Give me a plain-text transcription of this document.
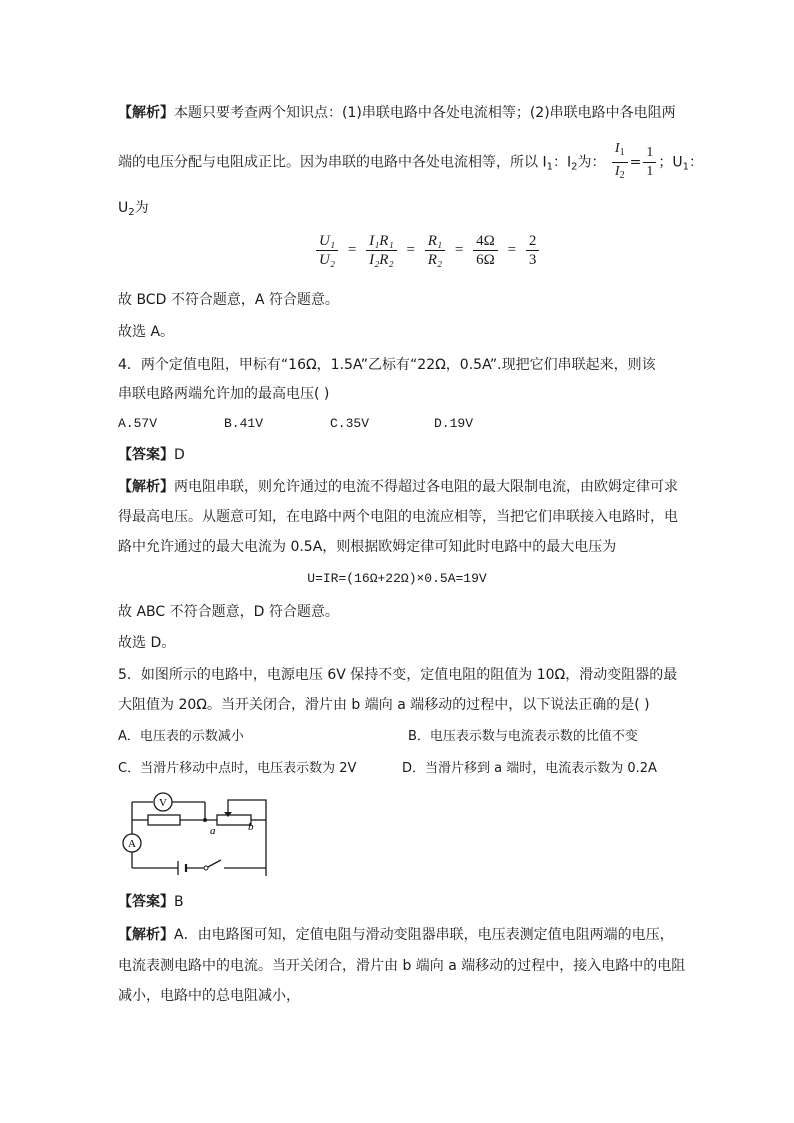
【解析】本题只要考查两个知识点：(1)串联电路中各处电流相等；(2)串联电路中各电阻两
端的电压分配与电阻成正比。因为串联的电路中各处电流相等，所以 $I_1$：$I_2$为： $\frac{I_1}{I_2} = \frac{1}{1}$ ；$U_1$：
$U_2$为
$\frac{\text{U₁}}{\text{U₂}} = \frac{\text{I₁R₁}}{\text{I₂R₂}} = \frac{\text{R₁}}{\text{R₂}} = \frac{4\Omega}{6\Omega} = \frac{2}{3}$
故 BCD 不符合题意，A 符合题意。
故选 A。
4．两个定值电阻，甲标有“16Ω，1.5A”乙标有“22Ω，0.5A”.现把它们串联起来，则该
串联电路两端允许加的最高电压( )
A.57V	B.41V	C.35V	D.19V
【答案】D
【解析】两电阻串联，则允许通过的电流不得超过各电阻的最大限制电流，由欧姆定律可求
得最高电压。从题意可知，在电路中两个电阻的电流应相等，当把它们串联接入电路时，电
路中允许通过的最大电流为 0.5A，则根据欧姆定律可知此时电路中的最大电压为
U=IR=(16Ω+22Ω)×0.5A=19V
故 ABC 不符合题意，D 符合题意。
故选 D。
5．如图所示的电路中，电源电压 6V 保持不变，定值电阻的阻值为 10Ω，滑动变阻器的最
大阻值为 20Ω。当开关闭合，滑片由 b 端向 a 端移动的过程中，以下说法正确的是( )
A．电压表的示数减小	B．电压表示数与电流表示数的比值不变
C．当滑片移动中点时，电压表示数为 2V	D．当滑片移到 a 端时，电流表示数为 0.2A
V
A
a	b
【答案】B
【解析】A．由电路图可知，定值电阻与滑动变阻器串联，电压表测定值电阻两端的电压，
电流表测电路中的电流。当开关闭合，滑片由 b 端向 a 端移动的过程中，接入电路中的电阻
减小，电路中的总电阻减小，
